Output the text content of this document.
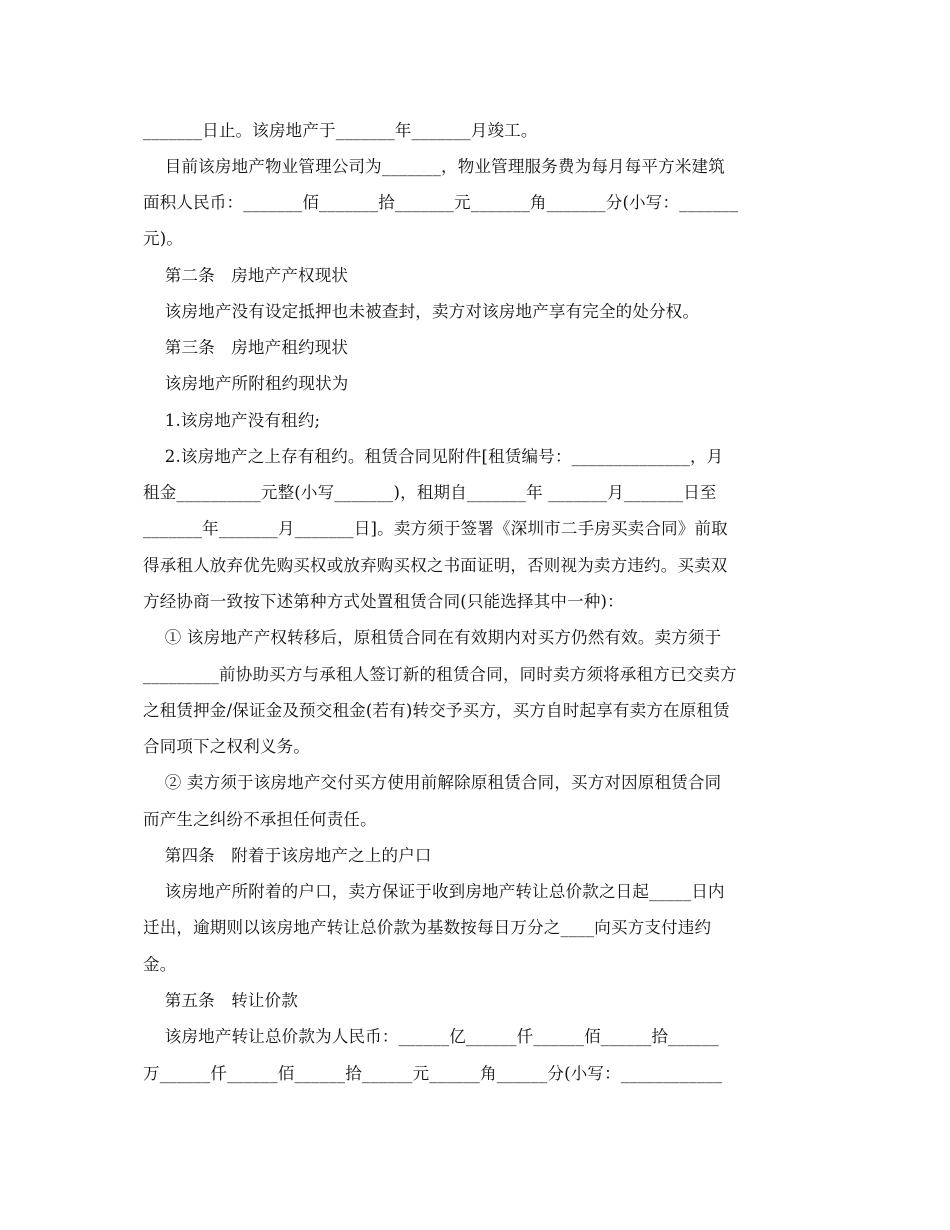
_______日止。该房地产于_______年_______月竣工。
目前该房地产物业管理公司为_______，物业管理服务费为每月每平方米建筑
面积人民币：_______佰_______拾_______元_______角_______分(小写：_______
元)。
第二条   房地产产权现状
该房地产没有设定抵押也未被查封，卖方对该房地产享有完全的处分权。
第三条   房地产租约现状
该房地产所附租约现状为
1.该房地产没有租约;
2.该房地产之上存有租约。租赁合同见附件[租赁编号：______________，月
租金__________元整(小写_______)，租期自_______年 _______月_______日至
_______年_______月_______日]。卖方须于签署《深圳市二手房买卖合同》前取
得承租人放弃优先购买权或放弃购买权之书面证明，否则视为卖方违约。买卖双
方经协商一致按下述第种方式处置租赁合同(只能选择其中一种)：
① 该房地产产权转移后，原租赁合同在有效期内对买方仍然有效。卖方须于
_________前协助买方与承租人签订新的租赁合同，同时卖方须将承租方已交卖方
之租赁押金/保证金及预交租金(若有)转交予买方，买方自时起享有卖方在原租赁
合同项下之权利义务。
② 卖方须于该房地产交付买方使用前解除原租赁合同，买方对因原租赁合同
而产生之纠纷不承担任何责任。
第四条   附着于该房地产之上的户口
该房地产所附着的户口，卖方保证于收到房地产转让总价款之日起_____日内
迁出，逾期则以该房地产转让总价款为基数按每日万分之____向买方支付违约
金。
第五条   转让价款
该房地产转让总价款为人民币：______亿______仟______佰______拾______
万______仟______佰______拾______元______角______分(小写：____________
